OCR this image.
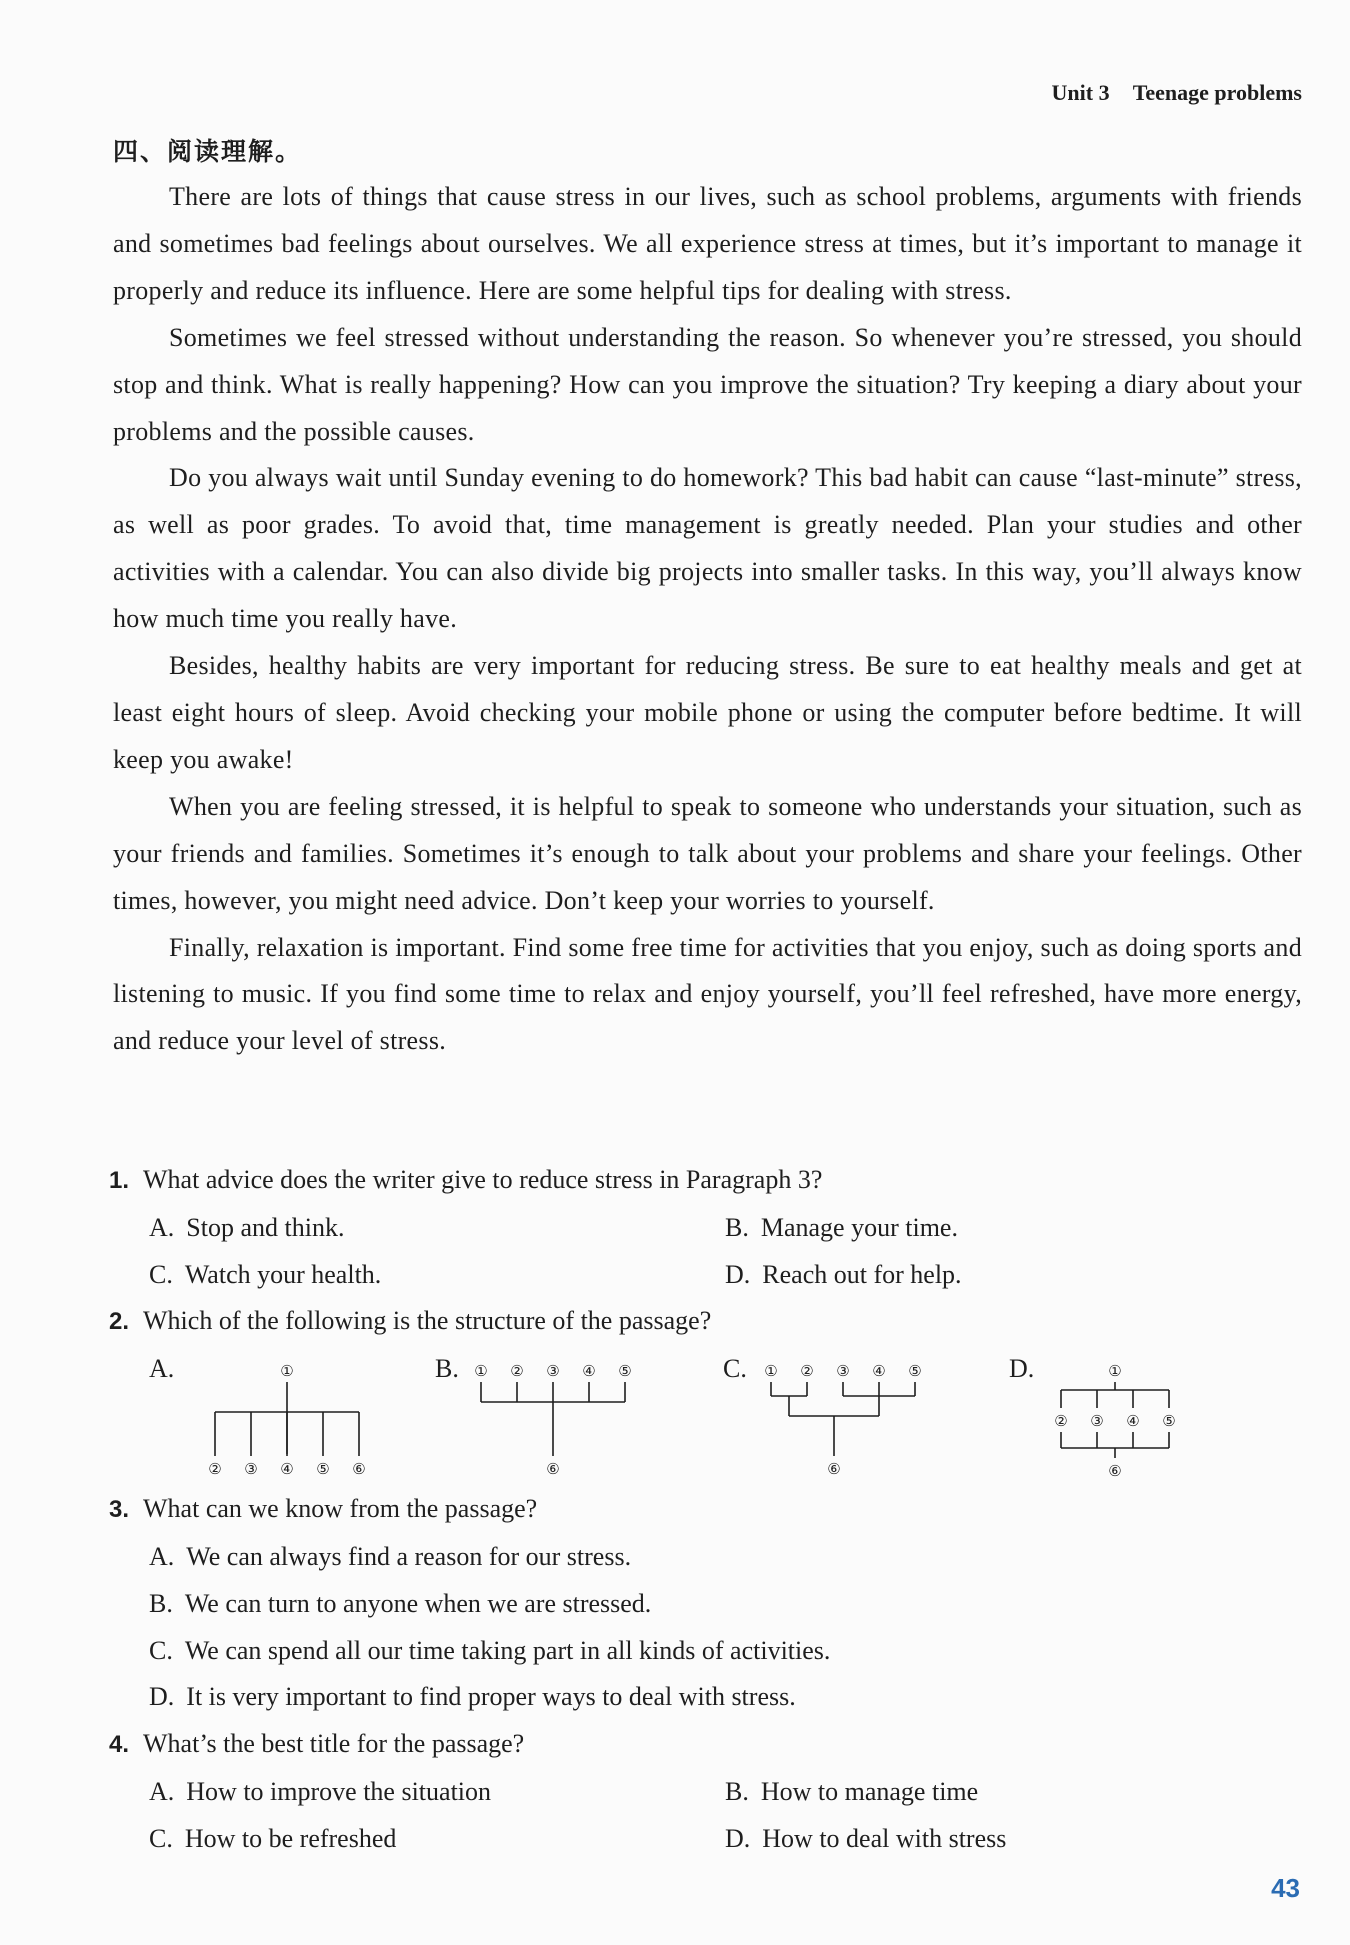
Unit 3 Teenage problems
四、阅读理解。

There are lots of things that cause stress in our lives, such as school problems, arguments with friends and sometimes bad feelings about ourselves. We all experience stress at times, but it’s important to manage it properly and reduce its influence. Here are some helpful tips for dealing with stress.

Sometimes we feel stressed without understanding the reason. So whenever you’re stressed, you should stop and think. What is really happening? How can you improve the situation? Try keeping a diary about your problems and the possible causes.

Do you always wait until Sunday evening to do homework? This bad habit can cause “last-minute” stress, as well as poor grades. To avoid that, time management is greatly needed. Plan your studies and other activities with a calendar. You can also divide big projects into smaller tasks. In this way, you’ll always know how much time you really have.

Besides, healthy habits are very important for reducing stress. Be sure to eat healthy meals and get at least eight hours of sleep. Avoid checking your mobile phone or using the computer before bedtime. It will keep you awake!

When you are feeling stressed, it is helpful to speak to someone who understands your situation, such as your friends and families. Sometimes it’s enough to talk about your problems and share your feelings. Other times, however, you might need advice. Don’t keep your worries to yourself.

Finally, relaxation is important. Find some free time for activities that you enjoy, such as doing sports and listening to music. If you find some time to relax and enjoy yourself, you’ll feel refreshed, have more energy, and reduce your level of stress.

1. What advice does the writer give to reduce stress in Paragraph 3?
A. Stop and think.	B. Manage your time.
C. Watch your health.	D. Reach out for help.
2. Which of the following is the structure of the passage?
A.	①
② ③ ④ ⑤ ⑥
B. ① ② ③ ④ ⑤
⑥
C. ① ② ③ ④ ⑤
⑥
D.	①
② ③ ④ ⑤
⑥
3. What can we know from the passage?
A. We can always find a reason for our stress.
B. We can turn to anyone when we are stressed.
C. We can spend all our time taking part in all kinds of activities.
D. It is very important to find proper ways to deal with stress.
4. What’s the best title for the passage?
A. How to improve the situation	B. How to manage time
C. How to be refreshed	D. How to deal with stress
43
